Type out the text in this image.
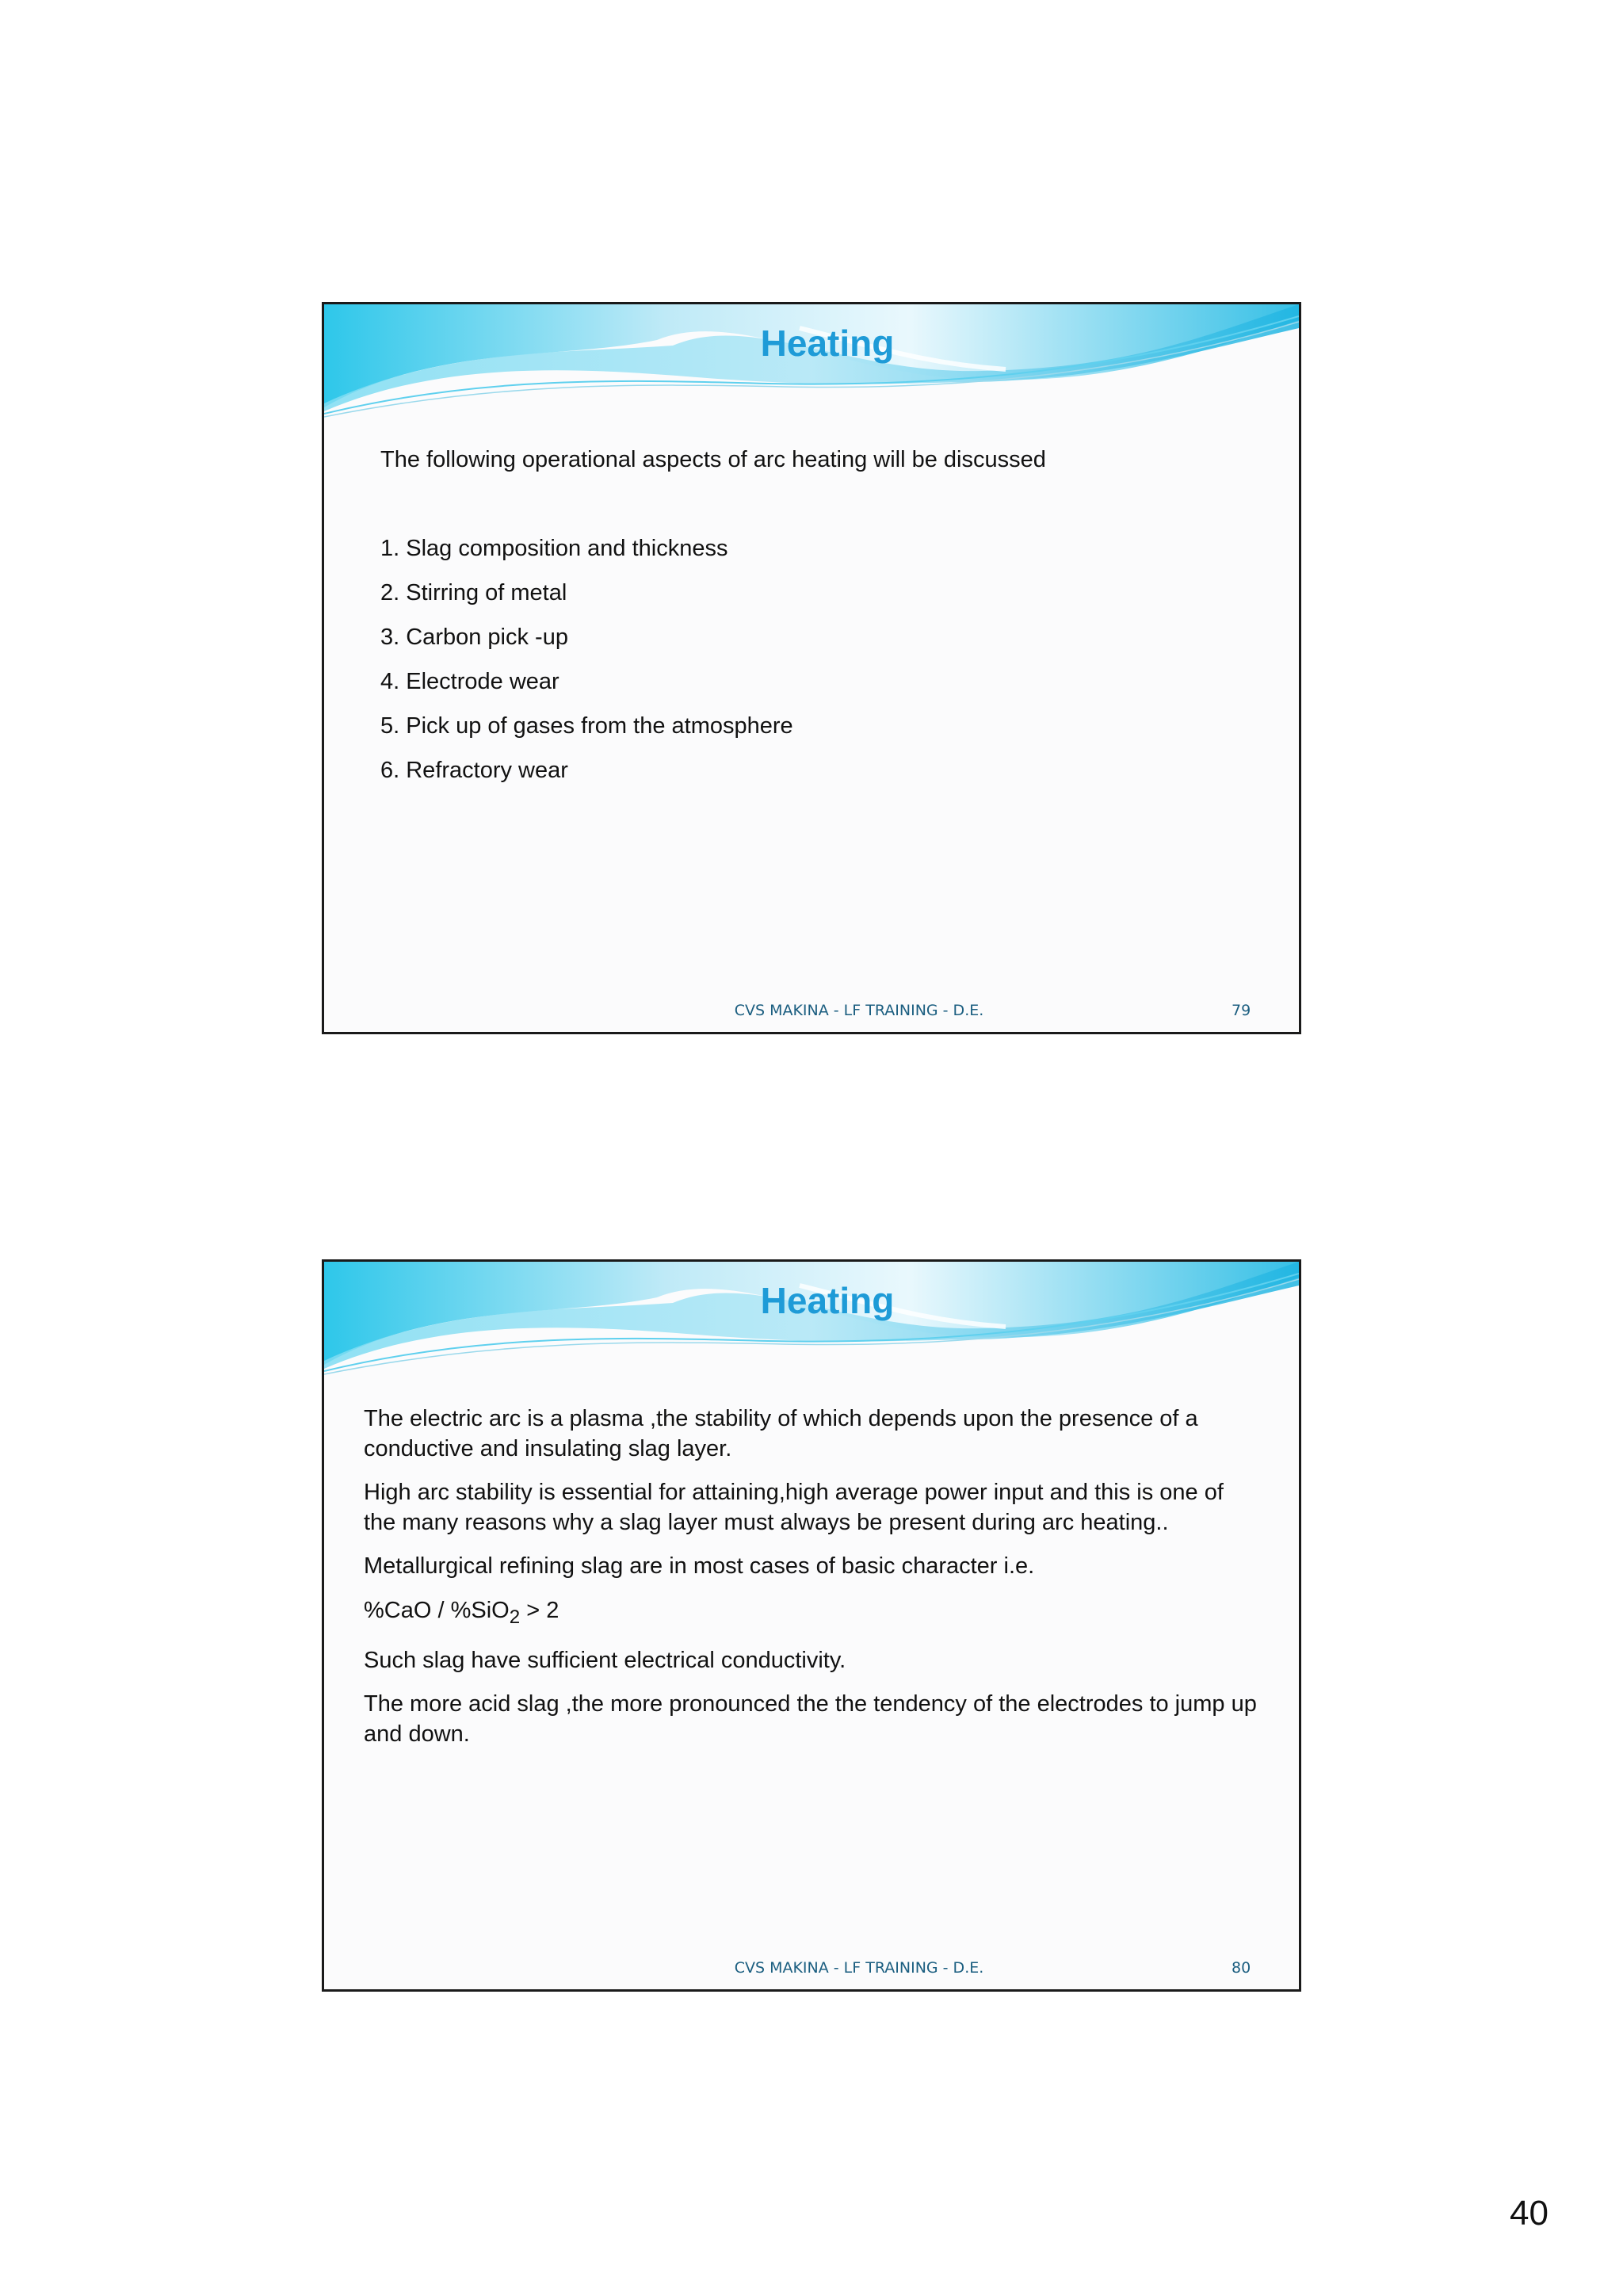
Heating

The following operational aspects of arc heating will be discussed

1. Slag composition and thickness
2. Stirring of metal
3. Carbon pick -up
4. Electrode wear
5. Pick up of gases from the atmosphere
6. Refractory wear
CVS MAKINA - LF TRAINING - D.E.	79
Heating

The electric arc is a plasma ,the stability of which depends upon the presence of a conductive and insulating slag layer.

High arc stability is essential for attaining,high average power input and this is one of the many reasons why a slag layer must always be present during arc heating..

Metallurgical refining slag are in most cases of basic character i.e.

%CaO / %SiO$_2$ > 2

Such slag have sufficient electrical conductivity.

The more acid slag ,the more pronounced the the tendency of the electrodes to jump up and down.

CVS MAKINA - LF TRAINING - D.E.	80

40
